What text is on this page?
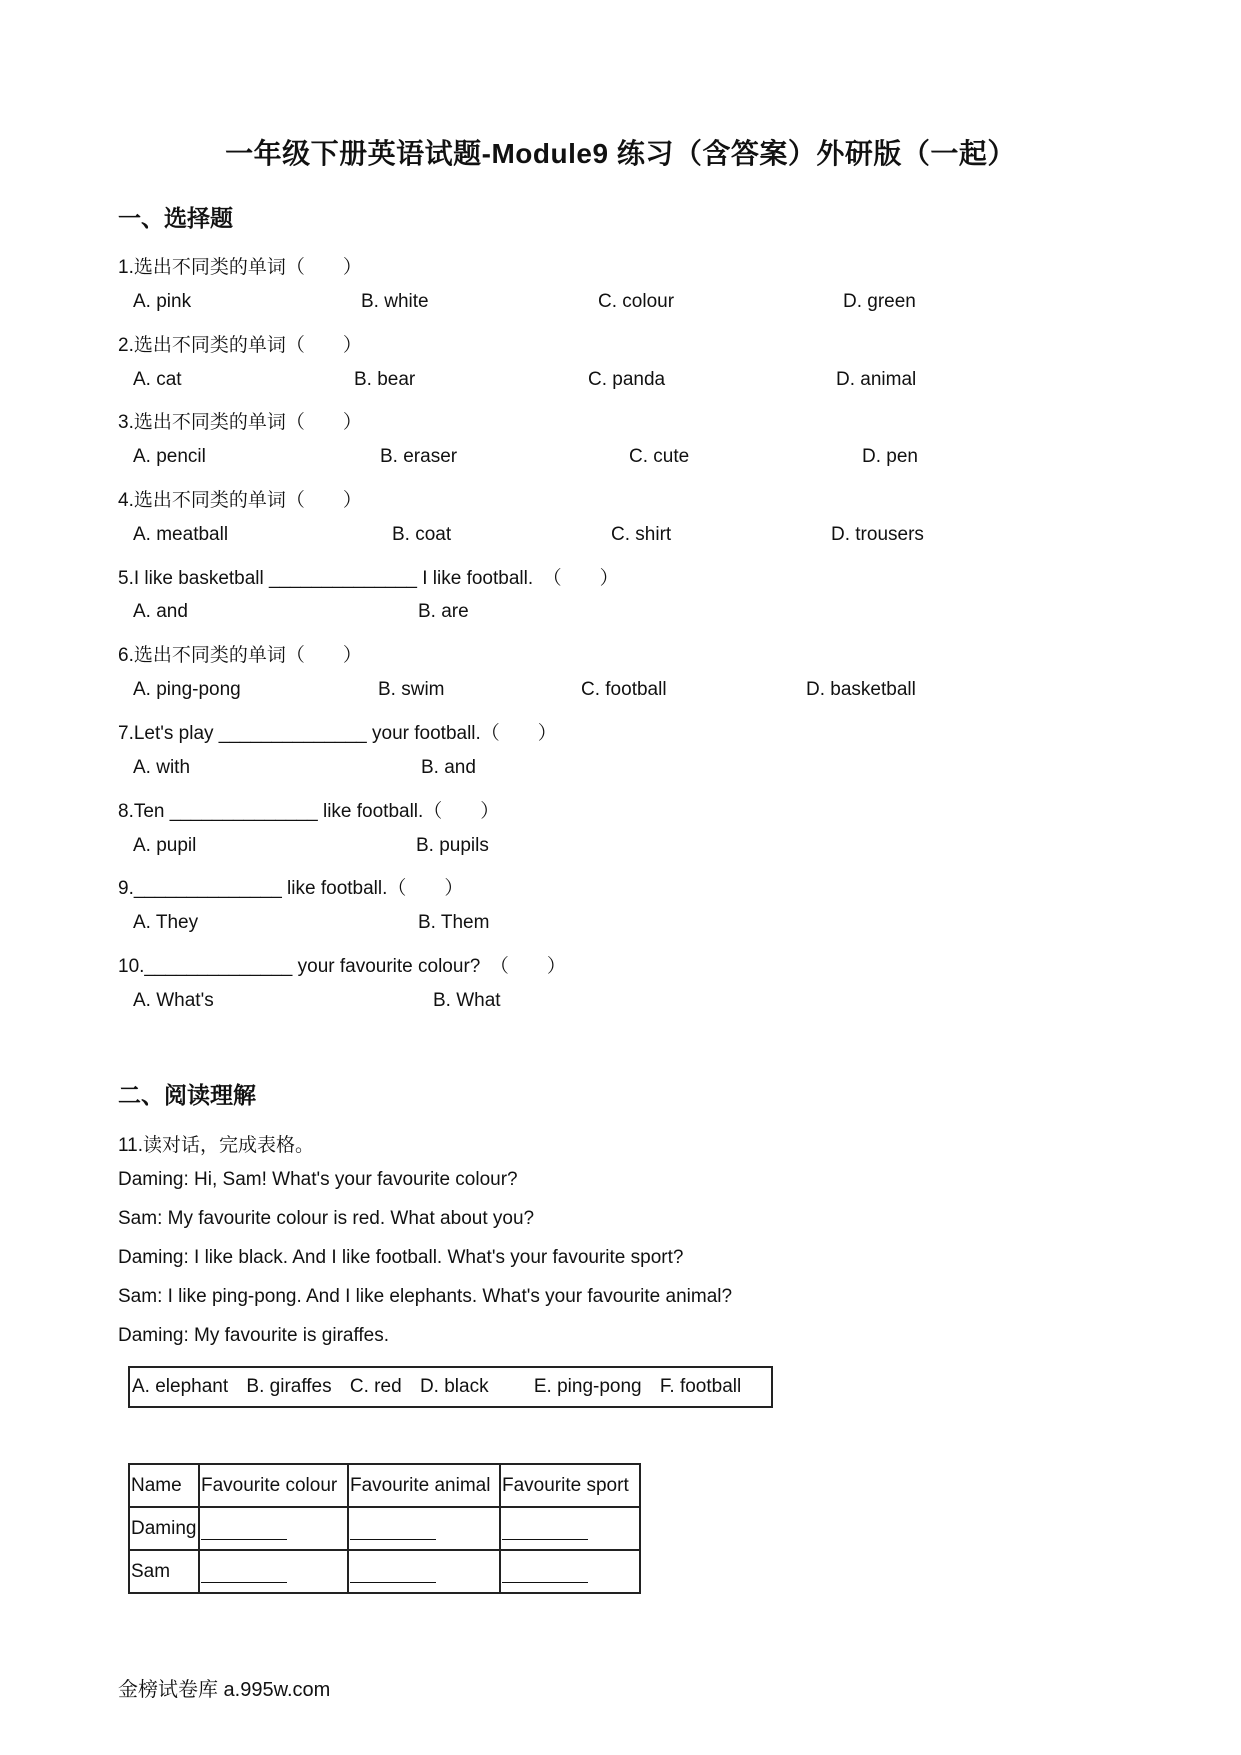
一年级下册英语试题-Module9 练习（含答案）外研版（一起）
一、选择题
1.选出不同类的单词（　　）
A. pink	B. white	C. colour	D. green
2.选出不同类的单词（　　）
A. cat	B. bear	C. panda	D. animal
3.选出不同类的单词（　　）
A. pencil	B. eraser	C. cute	D. pen
4.选出不同类的单词（　　）
A. meatball	B. coat	C. shirt	D. trousers
5.I like basketball ______________ I like football.　（　　）
A. and	B. are
6.选出不同类的单词（　　）
A. ping-pong	B. swim	C. football	D. basketball
7.Let's play ______________ your football.（　　）
A. with	B. and
8.Ten ______________ like football.（　　）
A. pupil	B. pupils
9.______________ like football.（　　）
A. They	B. Them
10.______________ your favourite colour?　（　　）
A. What's	B. What
二、阅读理解
11.读对话，完成表格。
Daming: Hi, Sam! What's your favourite colour?
Sam: My favourite colour is red. What about you?
Daming: I like black. And I like football. What's your favourite sport?
Sam: I like ping-pong. And I like elephants. What's your favourite animal?
Daming: My favourite is giraffes.
A. elephant B. giraffes C. red D. black E. ping-pong F. football
Name	Favourite colour	Favourite animal	Favourite sport
Daming			
Sam			
金榜试卷库 a.995w.com
